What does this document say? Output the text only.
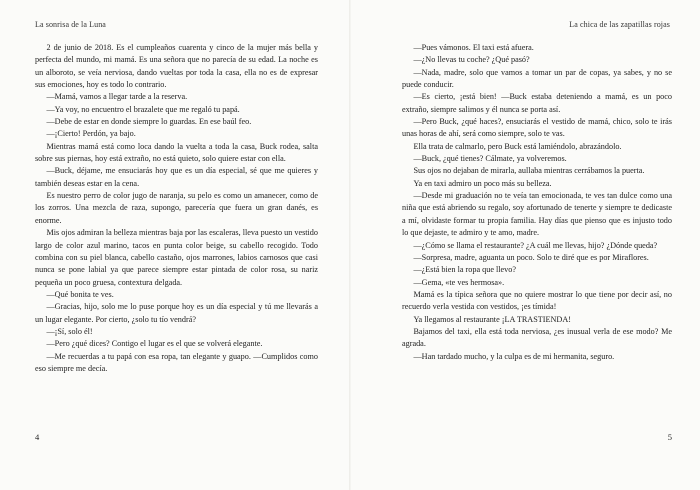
La sonrisa de la Luna

2 de junio de 2018. Es el cumpleaños cuarenta y cinco de la mujer más bella y perfecta del mundo, mi mamá. Es una señora que no parecía de su edad. La noche es un alboroto, se veía nerviosa, dando vueltas por toda la casa, ella no es de expresar sus emociones, hoy es todo lo contrario.

—Mamá, vamos a llegar tarde a la reserva.

—Ya voy, no encuentro el brazalete que me regaló tu papá.

—Debe de estar en donde siempre lo guardas. En ese baúl feo.

—¡Cierto! Perdón, ya bajo.

Mientras mamá está como loca dando la vuelta a toda la casa, Buck rodea, salta sobre sus piernas, hoy está extraño, no está quieto, solo quiere estar con ella.

—Buck, déjame, me ensuciarás hoy que es un día especial, sé que me quieres y también deseas estar en la cena.

Es nuestro perro de color jugo de naranja, su pelo es como un amanecer, como de los zorros. Una mezcla de raza, supongo, parecería que fuera un gran danés, es enorme.

Mis ojos admiran la belleza mientras baja por las escaleras, lleva puesto un vestido largo de color azul marino, tacos en punta color beige, su cabello recogido. Todo combina con su piel blanca, cabello castaño, ojos marrones, labios carnosos que casi nunca se pone labial ya que parece siempre estar pintada de color rosa, su nariz pequeña un poco gruesa, contextura delgada.

—Qué bonita te ves.

—Gracias, hijo, solo me lo puse porque hoy es un día especial y tú me llevarás a un lugar elegante. Por cierto, ¿solo tu tío vendrá?

—¡Sí, solo él!

—Pero ¿qué dices? Contigo el lugar es el que se volverá elegante.

—Me recuerdas a tu papá con esa ropa, tan elegante y guapo. —Cumplidos como eso siempre me decía.

4
La chica de las zapatillas rojas

—Pues vámonos. El taxi está afuera.

—¿No llevas tu coche? ¿Qué pasó?

—Nada, madre, solo que vamos a tomar un par de copas, ya sabes, y no se puede conducir.

—Es cierto, ¡está bien! —Buck estaba deteniendo a mamá, es un poco extraño, siempre salimos y él nunca se porta así.

—Pero Buck, ¿qué haces?, ensuciarás el vestido de mamá, chico, solo te irás unas horas de ahí, será como siempre, solo te vas.

Ella trata de calmarlo, pero Buck está lamiéndolo, abrazándolo.

—Buck, ¿qué tienes? Cálmate, ya volveremos.

Sus ojos no dejaban de mirarla, aullaba mientras cerrábamos la puerta.

Ya en taxi admiro un poco más su belleza.

—Desde mi graduación no te veía tan emocionada, te ves tan dulce como una niña que está abriendo su regalo, soy afortunado de tenerte y siempre te dedicaste a mí, olvidaste formar tu propia familia. Hay días que pienso que es injusto todo lo que dejaste, te admiro y te amo, madre.

—¿Cómo se llama el restaurante? ¿A cuál me llevas, hijo? ¿Dónde queda?

—Sorpresa, madre, aguanta un poco. Solo te diré que es por Miraflores.

—¿Está bien la ropa que llevo?

—Gema, «te ves hermosa».

Mamá es la típica señora que no quiere mostrar lo que tiene por decir así, no recuerdo verla vestida con vestidos, ¡es tímida!

Ya llegamos al restaurante ¡LA TRASTIENDA!

Bajamos del taxi, ella está toda nerviosa, ¿es inusual verla de ese modo? Me agrada.

—Han tardado mucho, y la culpa es de mi hermanita, seguro.

5
